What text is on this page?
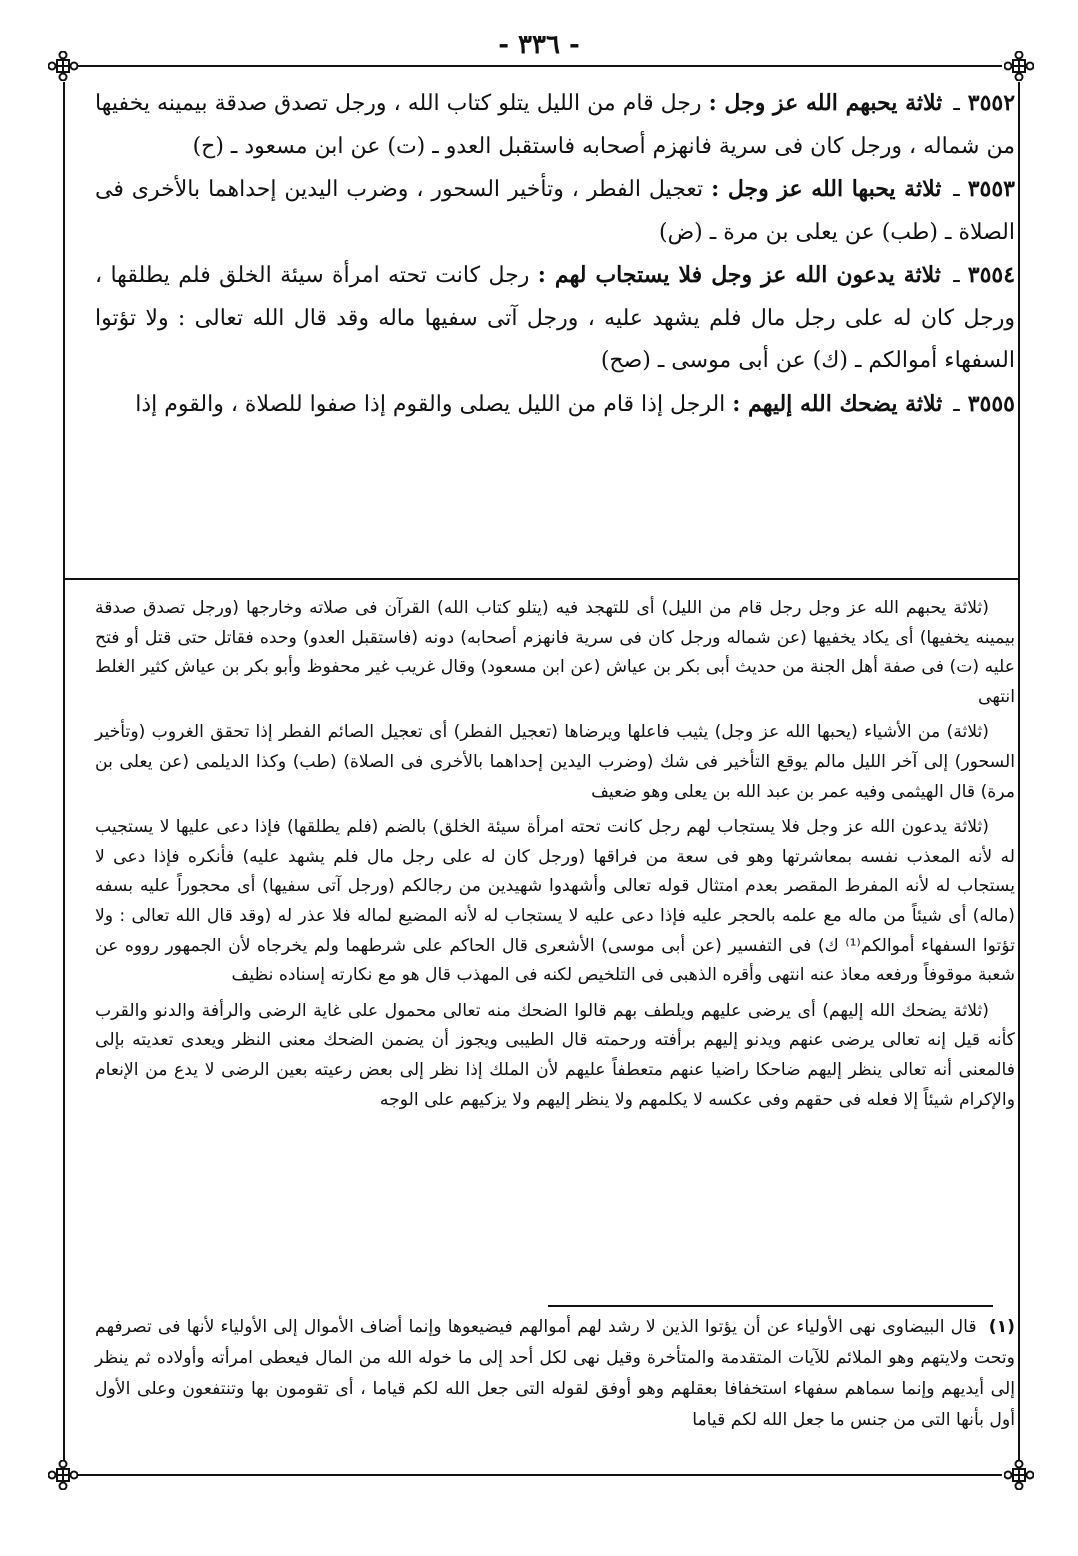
- ٣٣٦ -

٣٥٥٢ـ ثلاثة يحبهم الله عز وجل : رجل قام من الليل يتلو كتاب الله ، ورجل تصدق صدقة بيمينه يخفيها من شماله ، ورجل كان فى سرية فانهزم أصحابه فاستقبل العدو ـ (ت) عن ابن مسعود ـ (ح)

٣٥٥٣ـ ثلاثة يحبها الله عز وجل : تعجيل الفطر ، وتأخير السحور ، وضرب اليدين إحداهما بالأخرى فى الصلاة ـ (طب) عن يعلى بن مرة ـ (ض)

٣٥٥٤ـ ثلاثة يدعون الله عز وجل فلا يستجاب لهم : رجل كانت تحته امرأة سيئة الخلق فلم يطلقها ، ورجل كان له على رجل مال فلم يشهد عليه ، ورجل آتى سفيها ماله وقد قال الله تعالى : ولا تؤتوا السفهاء أموالكم ـ (ك) عن أبى موسى ـ (صح)

٣٥٥٥ـ ثلاثة يضحك الله إليهم : الرجل إذا قام من الليل يصلى والقوم إذا صفوا للصلاة ، والقوم إذا

(ثلاثة يحبهم الله عز وجل رجل قام من الليل) أى للتهجد فيه (يتلو كتاب الله) القرآن فى صلاته وخارجها (ورجل تصدق صدقة بيمينه يخفيها) أى يكاد يخفيها (عن شماله ورجل كان فى سرية فانهزم أصحابه) دونه (فاستقبل العدو) وحده فقاتل حتى قتل أو فتح عليه (ت) فى صفة أهل الجنة من حديث أبى بكر بن عياش (عن ابن مسعود) وقال غريب غير محفوظ وأبو بكر بن عياش كثير الغلط انتهى

(ثلاثة) من الأشياء (يحبها الله عز وجل) يثيب فاعلها ويرضاها (تعجيل الفطر) أى تعجيل الصائم الفطر إذا تحقق الغروب (وتأخير السحور) إلى آخر الليل مالم يوقع التأخير فى شك (وضرب اليدين إحداهما بالأخرى فى الصلاة) (طب) وكذا الديلمى (عن يعلى بن مرة) قال الهيثمى وفيه عمر بن عبد الله بن يعلى وهو ضعيف

(ثلاثة يدعون الله عز وجل فلا يستجاب لهم رجل كانت تحته امرأة سيئة الخلق) بالضم (فلم يطلقها) فإذا دعى عليها لا يستجيب له لأنه المعذب نفسه بمعاشرتها وهو فى سعة من فراقها (ورجل كان له على رجل مال فلم يشهد عليه) فأنكره فإذا دعى لا يستجاب له لأنه المفرط المقصر بعدم امتثال قوله تعالى وأشهدوا شهيدين من رجالكم (ورجل آتى سفيها) أى محجوراً عليه بسفه (ماله) أى شيئاً من ماله مع علمه بالحجر عليه فإذا دعى عليه لا يستجاب له لأنه المضيع لماله فلا عذر له (وقد قال الله تعالى : ولا تؤتوا السفهاء أموالكم⁽¹⁾ ك) فى التفسير (عن أبى موسى) الأشعرى قال الحاكم على شرطهما ولم يخرجاه لأن الجمهور رووه عن شعبة موقوفاً ورفعه معاذ عنه انتهى وأقره الذهبى فى التلخيص لكنه فى المهذب قال هو مع نكارته إسناده نظيف

(ثلاثة يضحك الله إليهم) أى يرضى عليهم ويلطف بهم قالوا الضحك منه تعالى محمول على غاية الرضى والرأفة والدنو والقرب كأنه قيل إنه تعالى يرضى عنهم ويدنو إليهم برأفته ورحمته قال الطيبى ويجوز أن يضمن الضحك معنى النظر ويعدى تعديته بإلى فالمعنى أنه تعالى ينظر إليهم ضاحكا راضيا عنهم متعطفاً عليهم لأن الملك إذا نظر إلى بعض رعيته بعين الرضى لا يدع من الإنعام والإكرام شيئاً إلا فعله فى حقهم وفى عكسه لا يكلمهم ولا ينظر إليهم ولا يزكيهم على الوجه

(١) قال البيضاوى نهى الأولياء عن أن يؤتوا الذين لا رشد لهم أموالهم فيضيعوها وإنما أضاف الأموال إلى الأولياء لأنها فى تصرفهم وتحت ولايتهم وهو الملائم للآيات المتقدمة والمتأخرة وقيل نهى لكل أحد إلى ما خوله الله من المال فيعطى امرأته وأولاده ثم ينظر إلى أيديهم وإنما سماهم سفهاء استخفافا بعقلهم وهو أوفق لقوله التى جعل الله لكم قياما ، أى تقومون بها وتنتفعون وعلى الأول أول بأنها التى من جنس ما جعل الله لكم قياما
